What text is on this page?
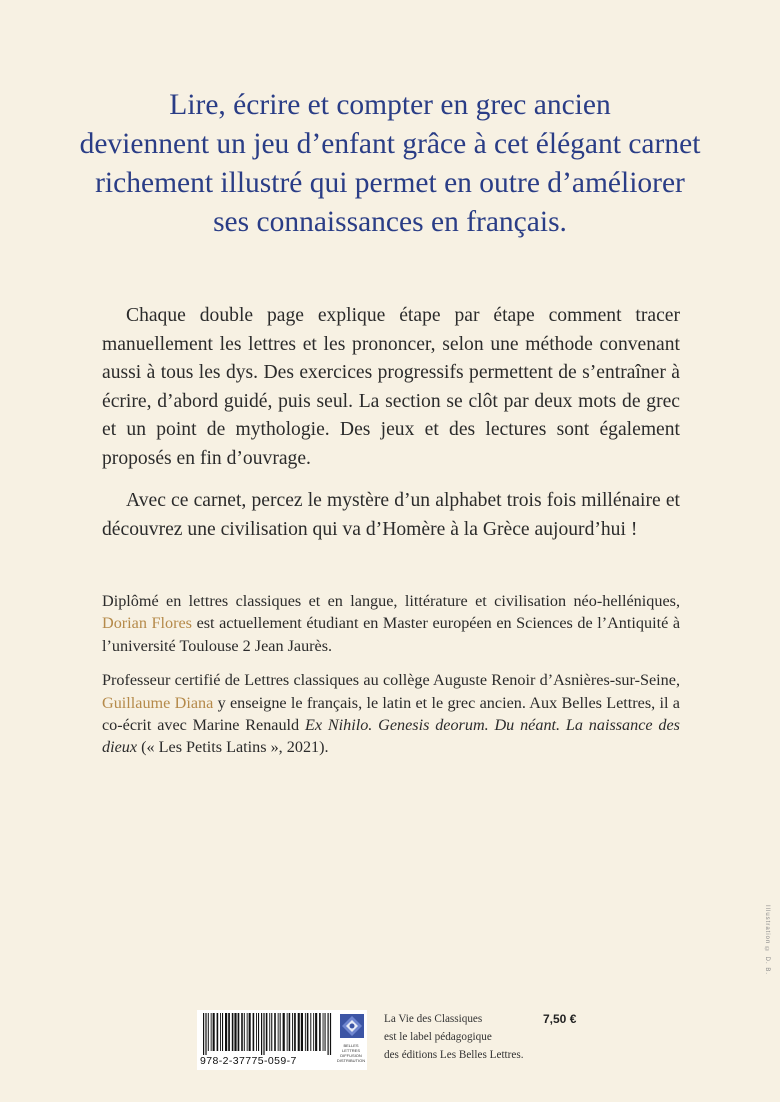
Lire, écrire et compter en grec ancien
deviennent un jeu d’enfant grâce à cet élégant carnet
richement illustré qui permet en outre d’améliorer
ses connaissances en français.

Chaque double page explique étape par étape comment tracer manuellement les lettres et les prononcer, selon une méthode convenant aussi à tous les dys. Des exercices progressifs permettent de s’entraîner à écrire, d’abord guidé, puis seul. La section se clôt par deux mots de grec et un point de mythologie. Des jeux et des lectures sont également proposés en fin d’ouvrage.

Avec ce carnet, percez le mystère d’un alphabet trois fois millénaire et découvrez une civilisation qui va d’Homère à la Grèce aujourd’hui !

Diplômé en lettres classiques et en langue, littérature et civilisation néo-helléniques, Dorian Flores est actuellement étudiant en Master européen en Sciences de l’Antiquité à l’université Toulouse 2 Jean Jaurès.

Professeur certifié de Lettres classiques au collège Auguste Renoir d’Asnières-sur-Seine, Guillaume Diana y enseigne le français, le latin et le grec ancien. Aux Belles Lettres, il a co-écrit avec Marine Renauld Ex Nihilo. Genesis deorum. Du néant. La naissance des dieux (« Les Petits Latins », 2021).

978-2-37775-059-7
BELLES LETTRES DIFFUSION DISTRIBUTION
La Vie des Classiques
est le label pédagogique
des éditions Les Belles Lettres.
7,50 €
Illustration © D. B.
